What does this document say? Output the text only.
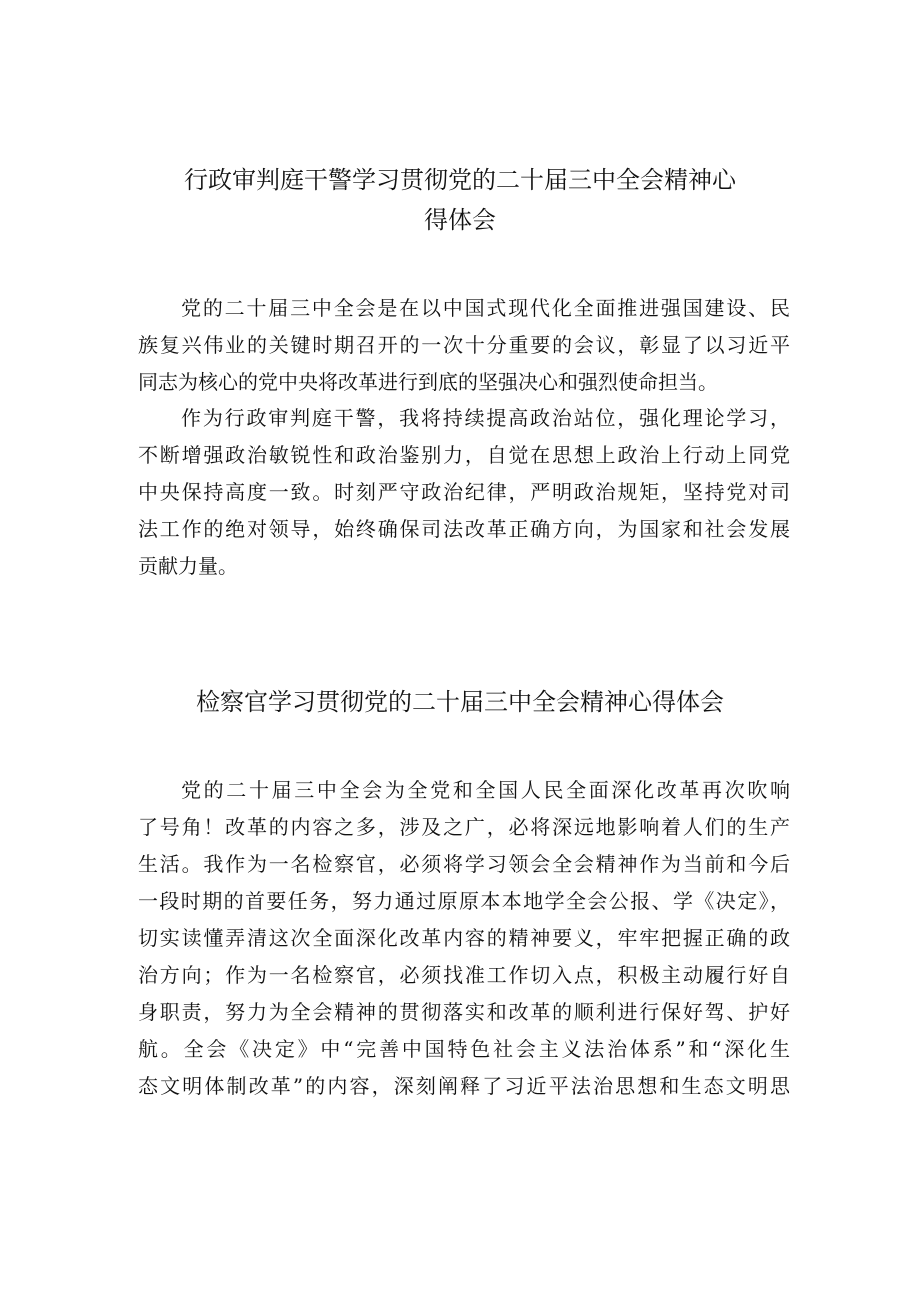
行政审判庭干警学习贯彻党的二十届三中全会精神心
得体会

党的二十届三中全会是在以中国式现代化全面推进强国建设、民
族复兴伟业的关键时期召开的一次十分重要的会议，彰显了以习近平
同志为核心的党中央将改革进行到底的坚强决心和强烈使命担当。

作为行政审判庭干警，我将持续提高政治站位，强化理论学习，
不断增强政治敏锐性和政治鉴别力，自觉在思想上政治上行动上同党
中央保持高度一致。时刻严守政治纪律，严明政治规矩，坚持党对司
法工作的绝对领导，始终确保司法改革正确方向，为国家和社会发展
贡献力量。

检察官学习贯彻党的二十届三中全会精神心得体会

党的二十届三中全会为全党和全国人民全面深化改革再次吹响
了号角！改革的内容之多，涉及之广，必将深远地影响着人们的生产
生活。我作为一名检察官，必须将学习领会全会精神作为当前和今后
一段时期的首要任务，努力通过原原本本地学全会公报、学《决定》，
切实读懂弄清这次全面深化改革内容的精神要义，牢牢把握正确的政
治方向；作为一名检察官，必须找准工作切入点，积极主动履行好自
身职责，努力为全会精神的贯彻落实和改革的顺利进行保好驾、护好
航。全会《决定》中“完善中国特色社会主义法治体系”和“深化生
态文明体制改革”的内容，深刻阐释了习近平法治思想和生态文明思
